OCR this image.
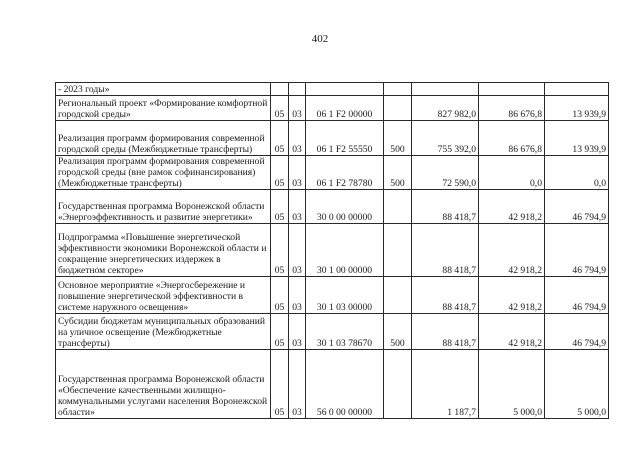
402
- 2023 годы»							
Региональный проект «Формирование комфортной городской среды»	05	03	06 1 F2 00000		827 982,0	86 676,8	13 939,9
Реализация программ формирования современной городской среды (Межбюджетные трансферты)	05	03	06 1 F2 55550	500	755 392,0	86 676,8	13 939,9
Реализация программ формирования современной городской среды (вне рамок софинансирования) (Межбюджетные трансферты)	05	03	06 1 F2 78780	500	72 590,0	0,0	0,0
Государственная программа Воронежской области «Энергоэффективность и развитие энергетики»	05	03	30 0 00 00000		88 418,7	42 918,2	46 794,9
Подпрограмма «Повышение энергетической эффективности экономики Воронежской области и сокращение энергетических издержек в бюджетном секторе»	05	03	30 1 00 00000		88 418,7	42 918,2	46 794,9
Основное мероприятие «Энергосбережение и повышение энергетической эффективности в системе наружного освещения»	05	03	30 1 03 00000		88 418,7	42 918,2	46 794,9
Субсидии бюджетам муниципальных образований на уличное освещение (Межбюджетные трансферты)	05	03	30 1 03 78670	500	88 418,7	42 918,2	46 794,9
Государственная программа Воронежской области «Обеспечение качественными жилищно-коммунальными услугами населения Воронежской области»	05	03	56 0 00 00000		1 187,7	5 000,0	5 000,0
